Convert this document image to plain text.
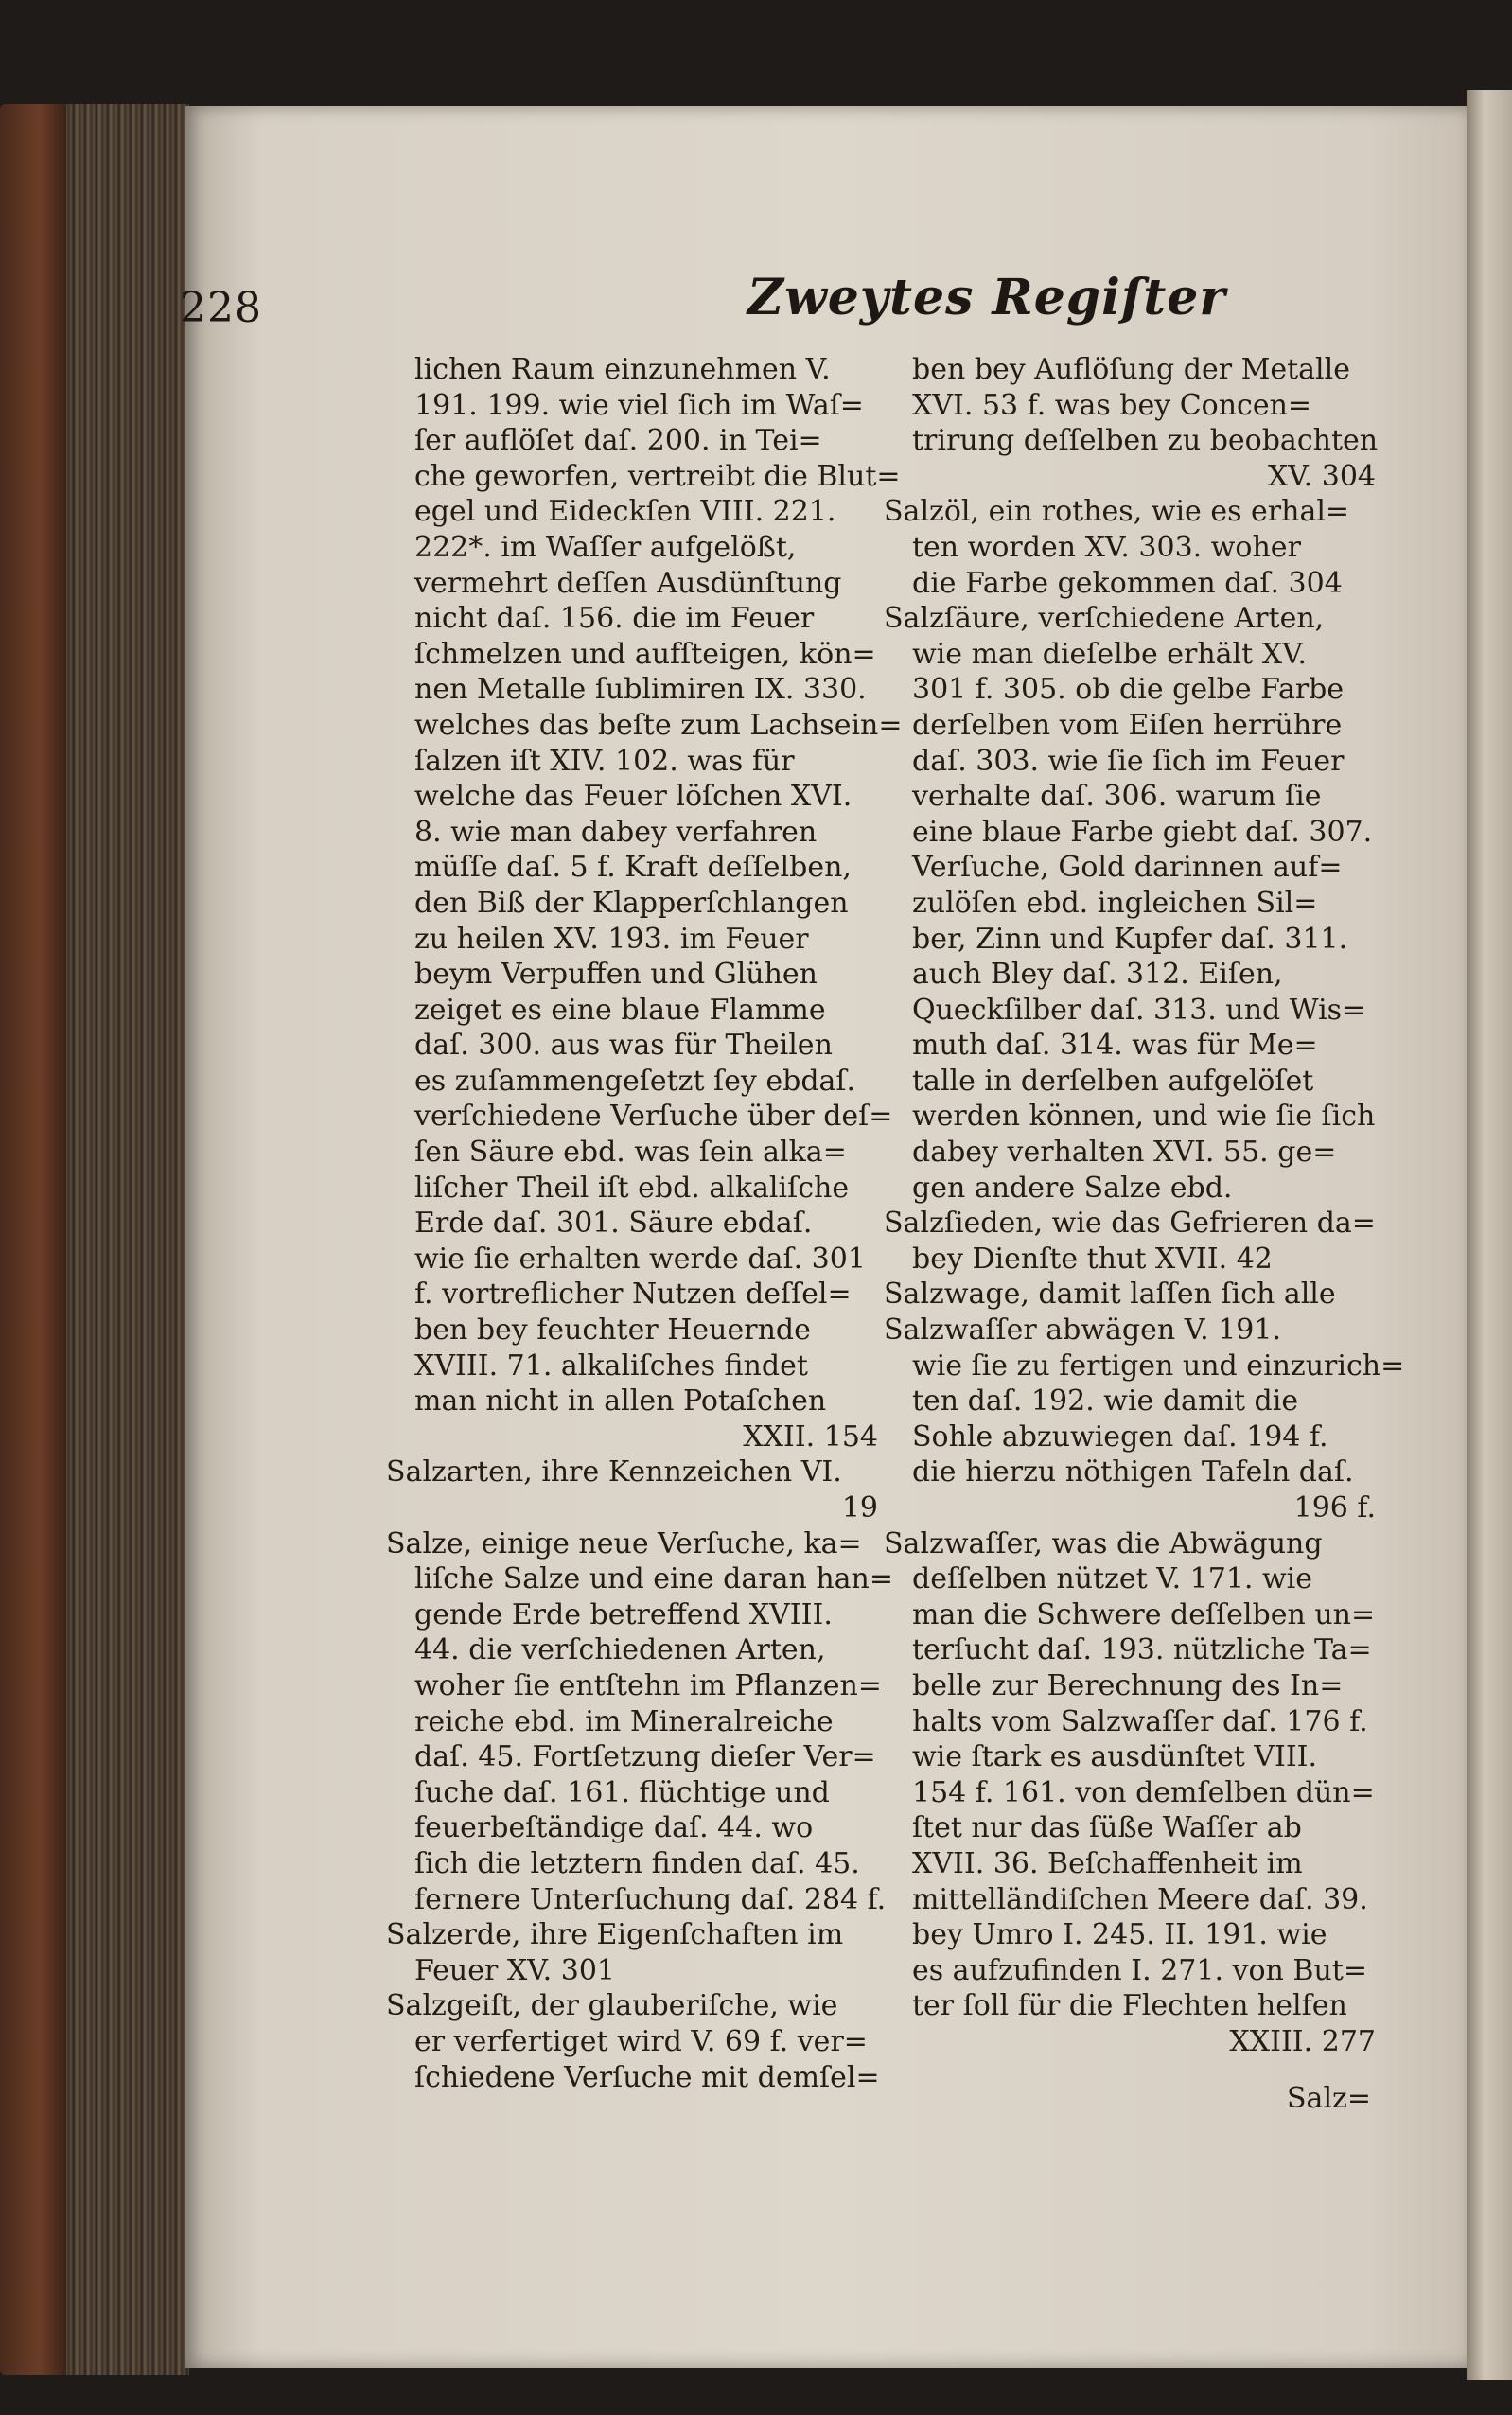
228	Zweytes Regiſter
lichen Raum einzunehmen V.
191. 199. wie viel ſich im Waſ=
ſer auflöſet daſ. 200. in Tei=
che geworfen, vertreibt die Blut=
egel und Eideckſen VIII. 221.
222*. im Waſſer aufgelößt,
vermehrt deſſen Ausdünſtung
nicht daſ. 156. die im Feuer
ſchmelzen und aufſteigen, kön=
nen Metalle ſublimiren IX. 330.
welches das beſte zum Lachsein=
ſalzen iſt XIV. 102. was für
welche das Feuer löſchen XVI.
8. wie man dabey verfahren
müſſe daſ. 5 f. Kraft deſſelben,
den Biß der Klapperſchlangen
zu heilen XV. 193. im Feuer
beym Verpuffen und Glühen
zeiget es eine blaue Flamme
daſ. 300. aus was für Theilen
es zuſammengeſetzt ſey ebdaſ.
verſchiedene Verſuche über deſ=
ſen Säure ebd. was ſein alka=
liſcher Theil iſt ebd. alkaliſche
Erde daſ. 301. Säure ebdaſ.
wie ſie erhalten werde daſ. 301
f. vortreflicher Nutzen deſſel=
ben bey feuchter Heuernde
XVIII. 71. alkaliſches findet
man nicht in allen Potaſchen
XXII. 154
Salzarten, ihre Kennzeichen VI.
19
Salze, einige neue Verſuche, ka=
liſche Salze und eine daran han=
gende Erde betreffend XVIII.
44. die verſchiedenen Arten,
woher ſie entſtehn im Pflanzen=
reiche ebd. im Mineralreiche
daſ. 45. Fortſetzung dieſer Ver=
ſuche daſ. 161. flüchtige und
feuerbeſtändige daſ. 44. wo
ſich die letztern finden daſ. 45.
fernere Unterſuchung daſ. 284 f.
Salzerde, ihre Eigenſchaften im
Feuer XV. 301
Salzgeiſt, der glauberiſche, wie
er verfertiget wird V. 69 f. ver=
ſchiedene Verſuche mit demſel=
ben bey Auflöſung der Metalle
XVI. 53 f. was bey Concen=
trirung deſſelben zu beobachten
XV. 304
Salzöl, ein rothes, wie es erhal=
ten worden XV. 303. woher
die Farbe gekommen daſ. 304
Salzſäure, verſchiedene Arten,
wie man dieſelbe erhält XV.
301 f. 305. ob die gelbe Farbe
derſelben vom Eiſen herrühre
daſ. 303. wie ſie ſich im Feuer
verhalte daſ. 306. warum ſie
eine blaue Farbe giebt daſ. 307.
Verſuche, Gold darinnen auf=
zulöſen ebd. ingleichen Sil=
ber, Zinn und Kupfer daſ. 311.
auch Bley daſ. 312. Eiſen,
Queckſilber daſ. 313. und Wis=
muth daſ. 314. was für Me=
talle in derſelben aufgelöſet
werden können, und wie ſie ſich
dabey verhalten XVI. 55. ge=
gen andere Salze ebd.
Salzſieden, wie das Gefrieren da=
bey Dienſte thut XVII. 42
Salzwage, damit laſſen ſich alle
Salzwaſſer abwägen V. 191.
wie ſie zu fertigen und einzurich=
ten daſ. 192. wie damit die
Sohle abzuwiegen daſ. 194 f.
die hierzu nöthigen Tafeln daſ.
196 f.
Salzwaſſer, was die Abwägung
deſſelben nützet V. 171. wie
man die Schwere deſſelben un=
terſucht daſ. 193. nützliche Ta=
belle zur Berechnung des In=
halts vom Salzwaſſer daſ. 176 f.
wie ſtark es ausdünſtet VIII.
154 f. 161. von demſelben dün=
ſtet nur das ſüße Waſſer ab
XVII. 36. Beſchaffenheit im
mittelländiſchen Meere daſ. 39.
bey Umro I. 245. II. 191. wie
es aufzufinden I. 271. von But=
ter ſoll für die Flechten helfen
XXIII. 277
Salz=
